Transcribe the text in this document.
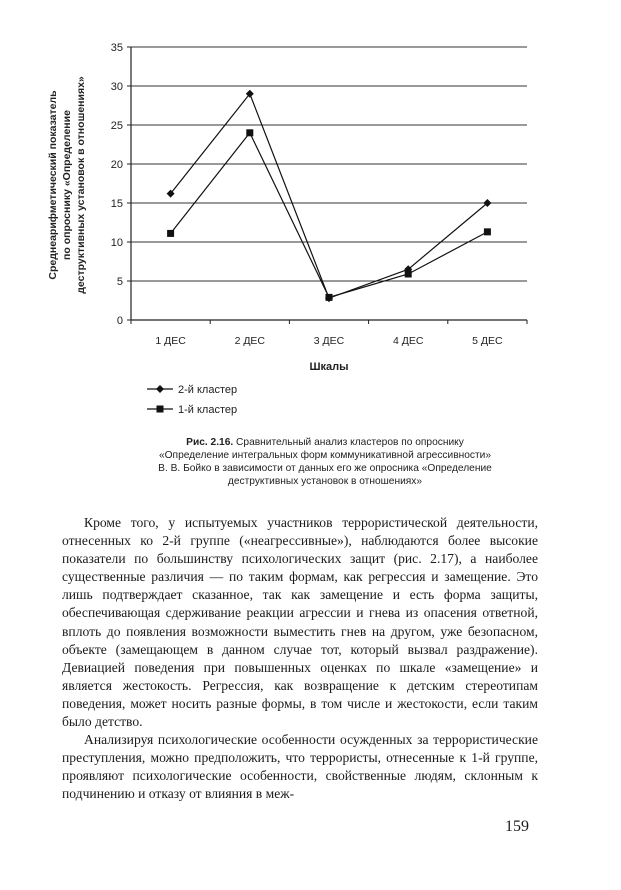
Среднеарифметический показатель по опроснику «Определение деструктивных установок в отношениях»
0
5
10
15
20
25
30
35
1 ДЕС	2 ДЕС	3 ДЕС	4 ДЕС	5 ДЕС
Шкалы
2-й кластер
1-й кластер
Рис. 2.16. Сравнительный анализ кластеров по опроснику
«Определение интегральных форм коммуникативной агрессивности»
В. В. Бойко в зависимости от данных его же опросника «Определение
деструктивных установок в отношениях»

Кроме того, у испытуемых участников террористической деятельности, отнесенных ко 2-й группе («неагрессивные»), наблюдаются более высокие показатели по большинству психологических защит (рис. 2.17), а наиболее существенные различия — по таким формам, как регрессия и замещение. Это лишь подтверждает сказанное, так как замещение и есть форма защиты, обеспечивающая сдерживание реакции агрессии и гнева из опасения ответной, вплоть до появления возможности выместить гнев на другом, уже безопасном, объекте (замещающем в данном случае тот, который вызвал раздражение). Девиацией поведения при повышенных оценках по шкале «замещение» и является жестокость. Регрессия, как возвращение к детским стереотипам поведения, может носить разные формы, в том числе и жестокости, если таким было детство.

Анализируя психологические особенности осужденных за террористические преступления, можно предположить, что террористы, отнесенные к 1-й группе, проявляют психологические особенности, свойственные людям, склонным к подчинению и отказу от влияния в меж-

159
